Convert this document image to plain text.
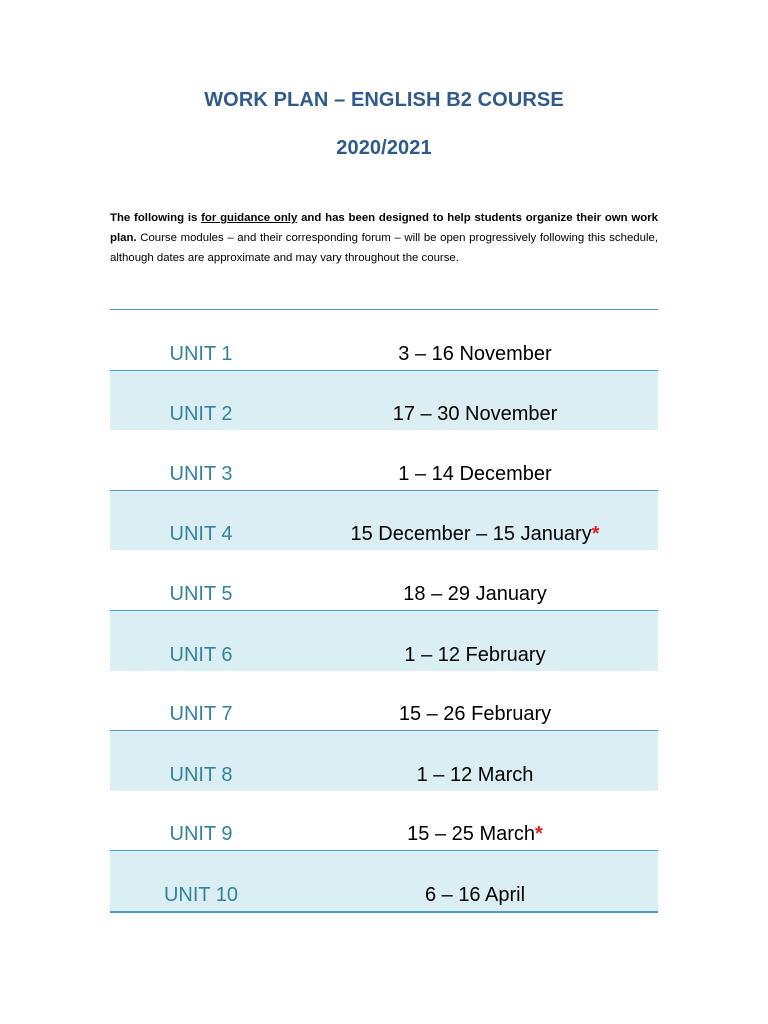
WORK PLAN – ENGLISH B2 COURSE
2020/2021

The following is for guidance only and has been designed to help students organize their own work plan. Course modules – and their corresponding forum – will be open progressively following this schedule, although dates are approximate and may vary throughout the course.

UNIT 1	3 – 16 November
UNIT 2	17 – 30 November
UNIT 3	1 – 14 December
UNIT 4	15 December – 15 January*
UNIT 5	18 – 29 January
UNIT 6	1 – 12 February
UNIT 7	15 – 26 February
UNIT 8	1 – 12 March
UNIT 9	15 – 25 March*
UNIT 10	6 – 16 April
